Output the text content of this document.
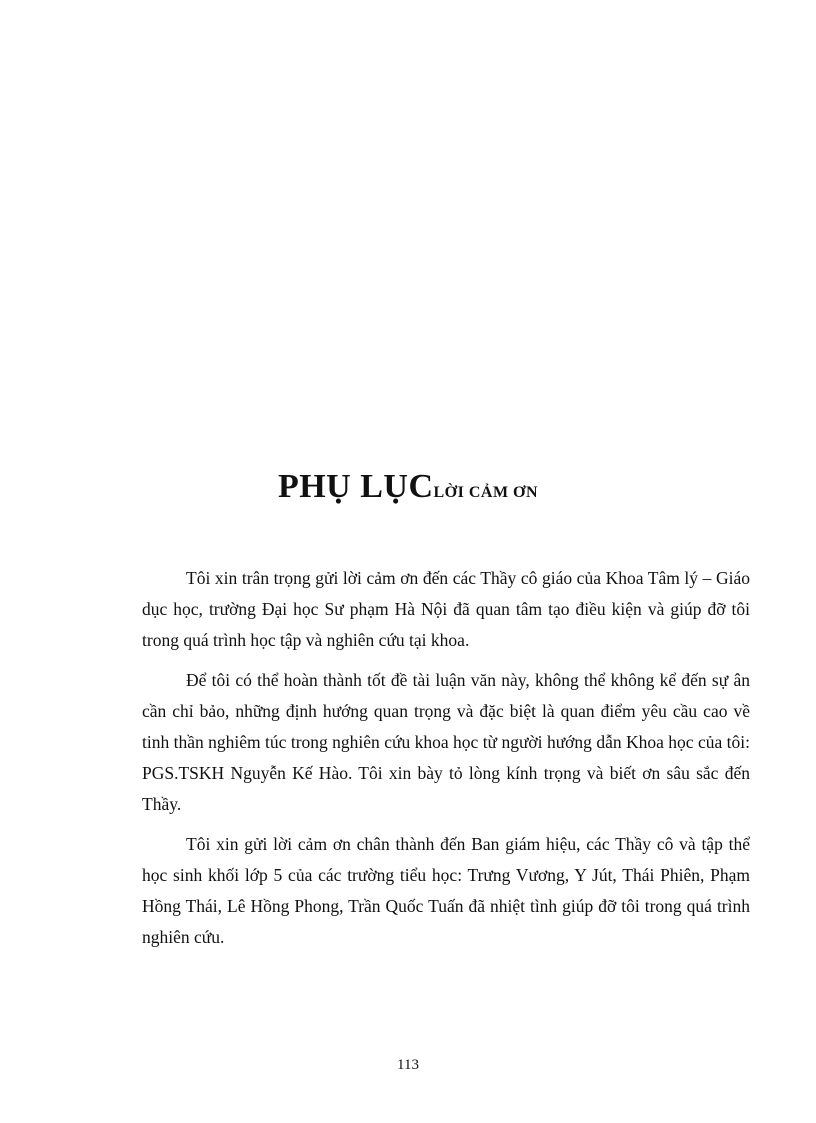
PHỤ LỤCLỜI CẢM ƠN

Tôi xin trân trọng gửi lời cảm ơn đến các Thầy cô giáo của Khoa Tâm lý – Giáo dục học, trường Đại học Sư phạm Hà Nội đã quan tâm tạo điều kiện và giúp đỡ tôi trong quá trình học tập và nghiên cứu tại khoa.

Để tôi có thể hoàn thành tốt đề tài luận văn này, không thể không kể đến sự ân cần chỉ bảo, những định hướng quan trọng và đặc biệt là quan điểm yêu cầu cao về tinh thần nghiêm túc trong nghiên cứu khoa học từ người hướng dẫn Khoa học của tôi: PGS.TSKH Nguyễn Kế Hào. Tôi xin bày tỏ lòng kính trọng và biết ơn sâu sắc đến Thầy.

Tôi xin gửi lời cảm ơn chân thành đến Ban giám hiệu, các Thầy cô và tập thể học sinh khối lớp 5 của các trường tiểu học: Trưng Vương, Y Jút, Thái Phiên, Phạm Hồng Thái, Lê Hồng Phong, Trần Quốc Tuấn đã nhiệt tình giúp đỡ tôi trong quá trình nghiên cứu.

113
